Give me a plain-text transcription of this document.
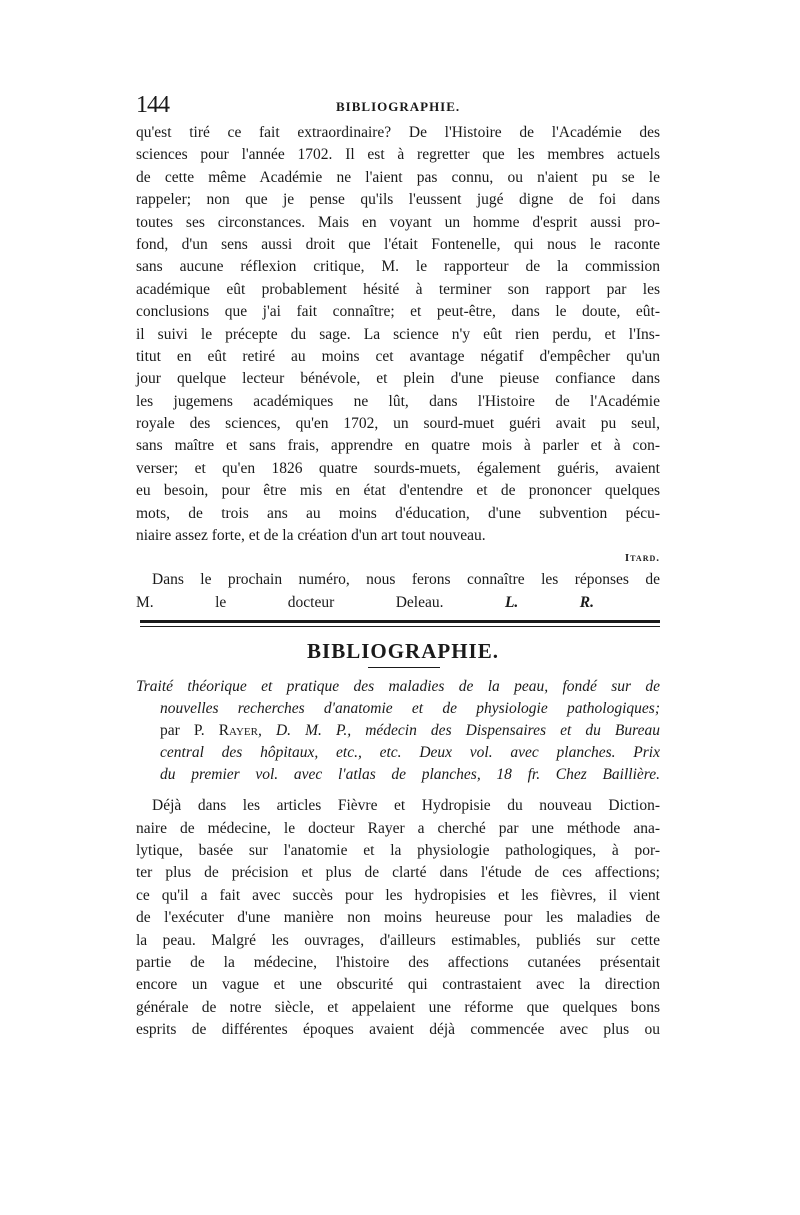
144	BIBLIOGRAPHIE.
qu'est tiré ce fait extraordinaire? De l'Histoire de l'Académie des
sciences pour l'année 1702. Il est à regretter que les membres actuels
de cette même Académie ne l'aient pas connu, ou n'aient pu se le
rappeler; non que je pense qu'ils l'eussent jugé digne de foi dans
toutes ses circonstances. Mais en voyant un homme d'esprit aussi pro-
fond, d'un sens aussi droit que l'était Fontenelle, qui nous le raconte
sans aucune réflexion critique, M. le rapporteur de la commission
académique eût probablement hésité à terminer son rapport par les
conclusions que j'ai fait connaître; et peut-être, dans le doute, eût-
il suivi le précepte du sage. La science n'y eût rien perdu, et l'Ins-
titut en eût retiré au moins cet avantage négatif d'empêcher qu'un
jour quelque lecteur bénévole, et plein d'une pieuse confiance dans
les jugemens académiques ne lût, dans l'Histoire de l'Académie
royale des sciences, qu'en 1702, un sourd-muet guéri avait pu seul,
sans maître et sans frais, apprendre en quatre mois à parler et à con-
verser; et qu'en 1826 quatre sourds-muets, également guéris, avaient
eu besoin, pour être mis en état d'entendre et de prononcer quelques
mots, de trois ans au moins d'éducation, d'une subvention pécu-
niaire assez forte, et de la création d'un art tout nouveau.
Itard.
Dans le prochain numéro, nous ferons connaître les réponses de
M. le docteur Deleau.	L. R.
BIBLIOGRAPHIE.
Traité théorique et pratique des maladies de la peau, fondé sur de
nouvelles recherches d'anatomie et de physiologie pathologiques;
par P. Rayer, D. M. P., médecin des Dispensaires et du Bureau
central des hôpitaux, etc., etc. Deux vol. avec planches. Prix
du premier vol. avec l'atlas de planches, 18 fr. Chez Baillière.
Déjà dans les articles Fièvre et Hydropisie du nouveau Diction-
naire de médecine, le docteur Rayer a cherché par une méthode ana-
lytique, basée sur l'anatomie et la physiologie pathologiques, à por-
ter plus de précision et plus de clarté dans l'étude de ces affections;
ce qu'il a fait avec succès pour les hydropisies et les fièvres, il vient
de l'exécuter d'une manière non moins heureuse pour les maladies de
la peau. Malgré les ouvrages, d'ailleurs estimables, publiés sur cette
partie de la médecine, l'histoire des affections cutanées présentait
encore un vague et une obscurité qui contrastaient avec la direction
générale de notre siècle, et appelaient une réforme que quelques bons
esprits de différentes époques avaient déjà commencée avec plus ou
